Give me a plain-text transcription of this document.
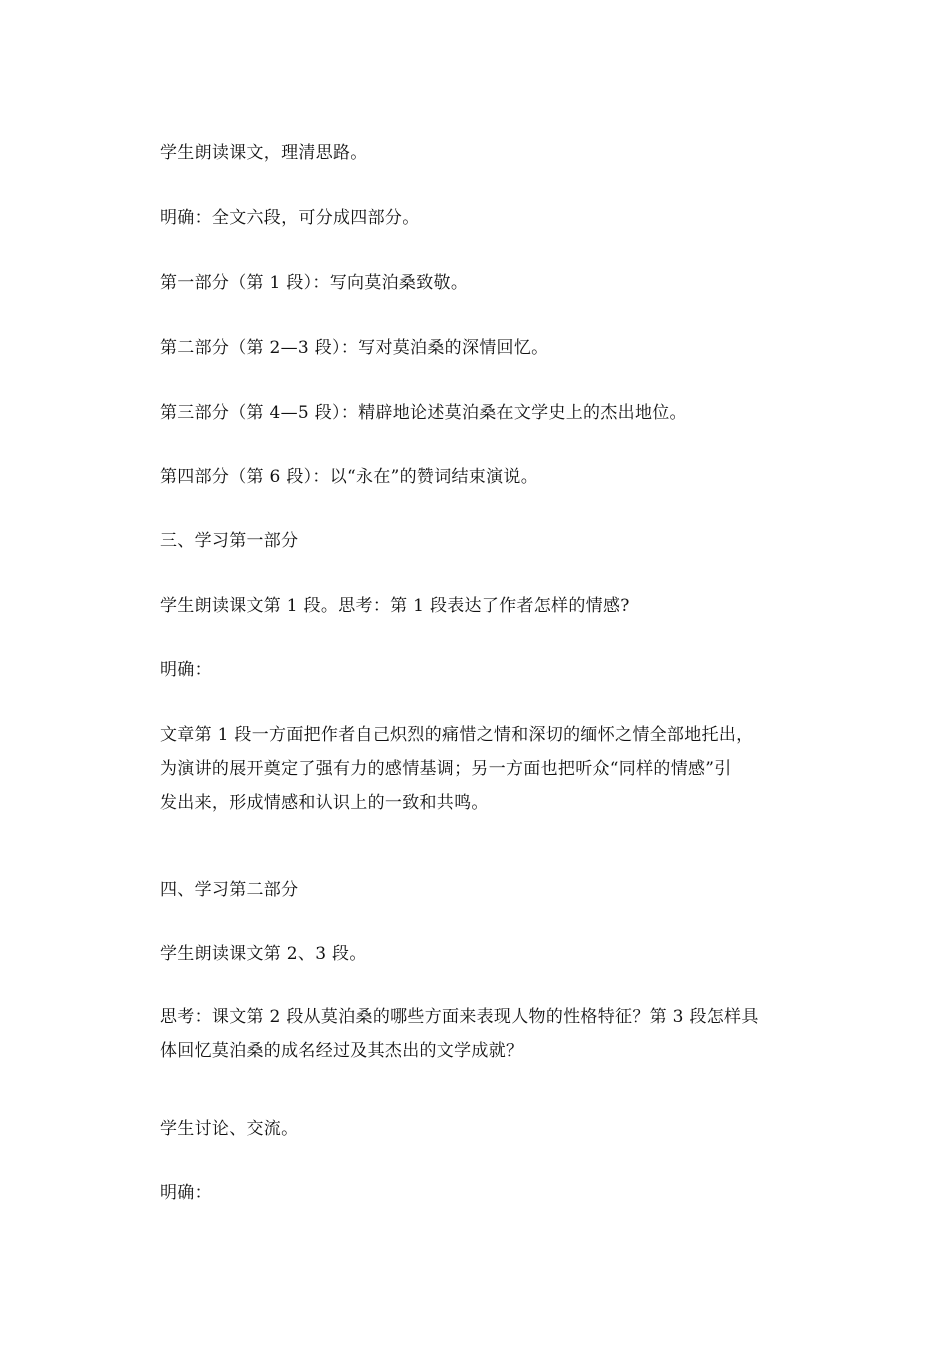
学生朗读课文，理清思路。

明确：全文六段，可分成四部分。

第一部分（第 1 段）：写向莫泊桑致敬。

第二部分（第 2—3 段）：写对莫泊桑的深情回忆。

第三部分（第 4—5 段）：精辟地论述莫泊桑在文学史上的杰出地位。

第四部分（第 6 段）：以“永在”的赞词结束演说。

三、学习第一部分

学生朗读课文第 1 段。思考：第 1 段表达了作者怎样的情感?

明确：

文章第 1 段一方面把作者自己炽烈的痛惜之情和深切的缅怀之情全部地托出，
为演讲的展开奠定了强有力的感情基调；另一方面也把听众“同样的情感”引
发出来，形成情感和认识上的一致和共鸣。

四、学习第二部分

学生朗读课文第 2、3 段。

思考：课文第 2 段从莫泊桑的哪些方面来表现人物的性格特征？第 3 段怎样具
体回忆莫泊桑的成名经过及其杰出的文学成就？

学生讨论、交流。

明确：
